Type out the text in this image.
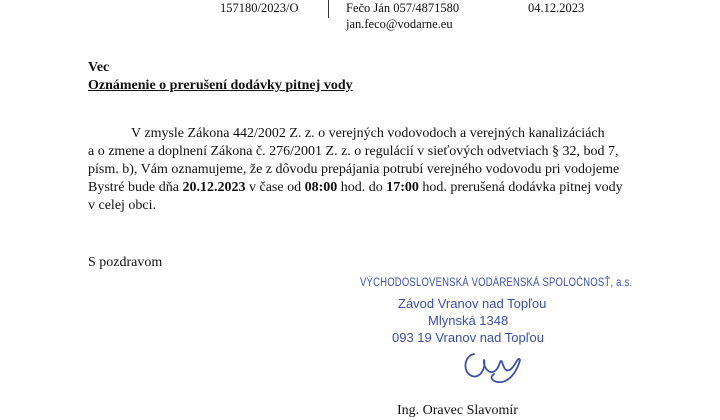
157180/2023/O	Fečo Ján 057/4871580
jan.feco@vodarne.eu
04.12.2023
Vec
Oznámenie o prerušení dodávky pitnej vody
V zmysle Zákona 442/2002 Z. z. o verejných vodovodoch a verejných kanalizáciách
a o zmene a doplnení Zákona č. 276/2001 Z. z. o regulácií v sieťových odvetviach § 32, bod 7,
písm. b), Vám oznamujeme, že z dôvodu prepájania potrubí verejného vodovodu pri vodojeme
Bystré bude dňa 20.12.2023 v čase od 08:00 hod. do 17:00 hod. prerušená dodávka pitnej vody
v celej obci.
S pozdravom
VÝCHODOSLOVENSKÁ VODÁRENSKÁ SPOLOČNOSŤ, a.s.
Závod Vranov nad Topľou
Mlynská 1348
093 19 Vranov nad Topľou
Ing. Oravec Slavomír
